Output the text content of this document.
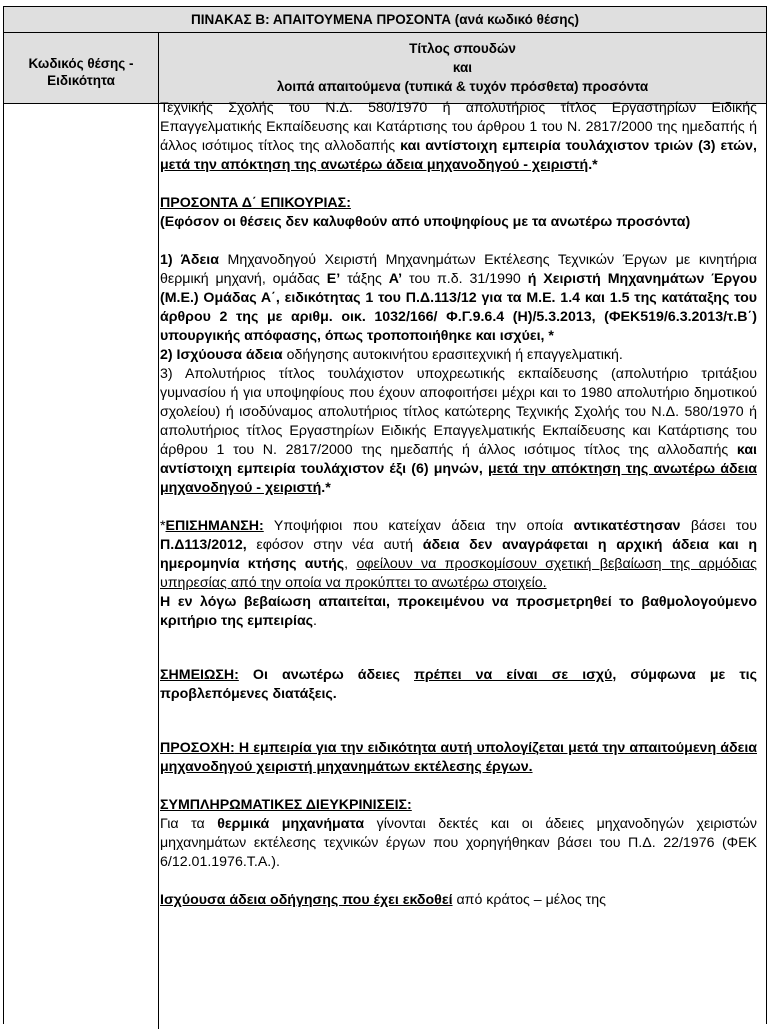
ΠΙΝΑΚΑΣ Β: ΑΠΑΙΤΟΥΜΕΝΑ ΠΡΟΣΟΝΤΑ (ανά κωδικό θέσης)
Κωδικός θέσης -
Ειδικότητα
Τίτλος σπουδών
και
λοιπά απαιτούμενα (τυπικά & τυχόν πρόσθετα) προσόντα

Τεχνικής Σχολής του Ν.Δ. 580/1970 ή απολυτήριος τίτλος Εργαστηρίων Ειδικής Επαγγελματικής Εκπαίδευσης και Κατάρτισης του άρθρου 1 του Ν. 2817/2000 της ημεδαπής ή άλλος ισότιμος τίτλος της αλλοδαπής και αντίστοιχη εμπειρία τουλάχιστον τριών (3) ετών, μετά την απόκτηση της ανωτέρω άδεια μηχανοδηγού - χειριστή.*

ΠΡΟΣΟΝΤΑ Δ΄ ΕΠΙΚΟΥΡΙΑΣ:

(Εφόσον οι θέσεις δεν καλυφθούν από υποψηφίους με τα ανωτέρω προσόντα)

1) Άδεια Μηχανοδηγού Χειριστή Μηχανημάτων Εκτέλεσης Τεχνικών Έργων με κινητήρια θερμική μηχανή, ομάδας Ε’ τάξης Α’ του π.δ. 31/1990 ή Χειριστή Μηχανημάτων Έργου (Μ.Ε.) Ομάδας Α΄, ειδικότητας 1 του Π.Δ.113/12 για τα Μ.Ε. 1.4 και 1.5 της κατάταξης του άρθρου 2 της με αριθμ. οικ. 1032/166/ Φ.Γ.9.6.4 (Η)/5.3.2013, (ΦΕΚ519/6.3.2013/τ.Β΄) υπουργικής απόφασης, όπως τροποποιήθηκε και ισχύει, *

2) Ισχύουσα άδεια οδήγησης αυτοκινήτου ερασιτεχνική ή επαγγελματική.

3) Απολυτήριος τίτλος τουλάχιστον υποχρεωτικής εκπαίδευσης (απολυτήριο τριτάξιου γυμνασίου ή για υποψηφίους που έχουν αποφοιτήσει μέχρι και το 1980 απολυτήριο δημοτικού σχολείου) ή ισοδύναμος απολυτήριος τίτλος κατώτερης Τεχνικής Σχολής του Ν.Δ. 580/1970 ή απολυτήριος τίτλος Εργαστηρίων Ειδικής Επαγγελματικής Εκπαίδευσης και Κατάρτισης του άρθρου 1 του Ν. 2817/2000 της ημεδαπής ή άλλος ισότιμος τίτλος της αλλοδαπής και αντίστοιχη εμπειρία τουλάχιστον έξι (6) μηνών, μετά την απόκτηση της ανωτέρω άδεια μηχανοδηγού - χειριστή.*

*ΕΠΙΣΗΜΑΝΣΗ: Υποψήφιοι που κατείχαν άδεια την οποία αντικατέστησαν βάσει του Π.Δ113/2012, εφόσον στην νέα αυτή άδεια δεν αναγράφεται η αρχική άδεια και η ημερομηνία κτήσης αυτής, οφείλουν να προσκομίσουν σχετική βεβαίωση της αρμόδιας υπηρεσίας από την οποία να προκύπτει το ανωτέρω στοιχείο.

Η εν λόγω βεβαίωση απαιτείται, προκειμένου να προσμετρηθεί το βαθμολογούμενο κριτήριο της εμπειρίας.

ΣΗΜΕΙΩΣΗ: Οι ανωτέρω άδειες πρέπει να είναι σε ισχύ, σύμφωνα με τις προβλεπόμενες διατάξεις.

ΠΡΟΣΟΧΗ: Η εμπειρία για την ειδικότητα αυτή υπολογίζεται μετά την απαιτούμενη άδεια μηχανοδηγού χειριστή μηχανημάτων εκτέλεσης έργων.

ΣΥΜΠΛΗΡΩΜΑΤΙΚΕΣ ΔΙΕΥΚΡΙΝΙΣΕΙΣ:

Για τα θερμικά μηχανήματα γίνονται δεκτές και οι άδειες μηχανοδηγών χειριστών μηχανημάτων εκτέλεσης τεχνικών έργων που χορηγήθηκαν βάσει του Π.Δ. 22/1976 (ΦΕΚ 6/12.01.1976.Τ.Α.).

Ισχύουσα άδεια οδήγησης που έχει εκδοθεί από κράτος – μέλος της
